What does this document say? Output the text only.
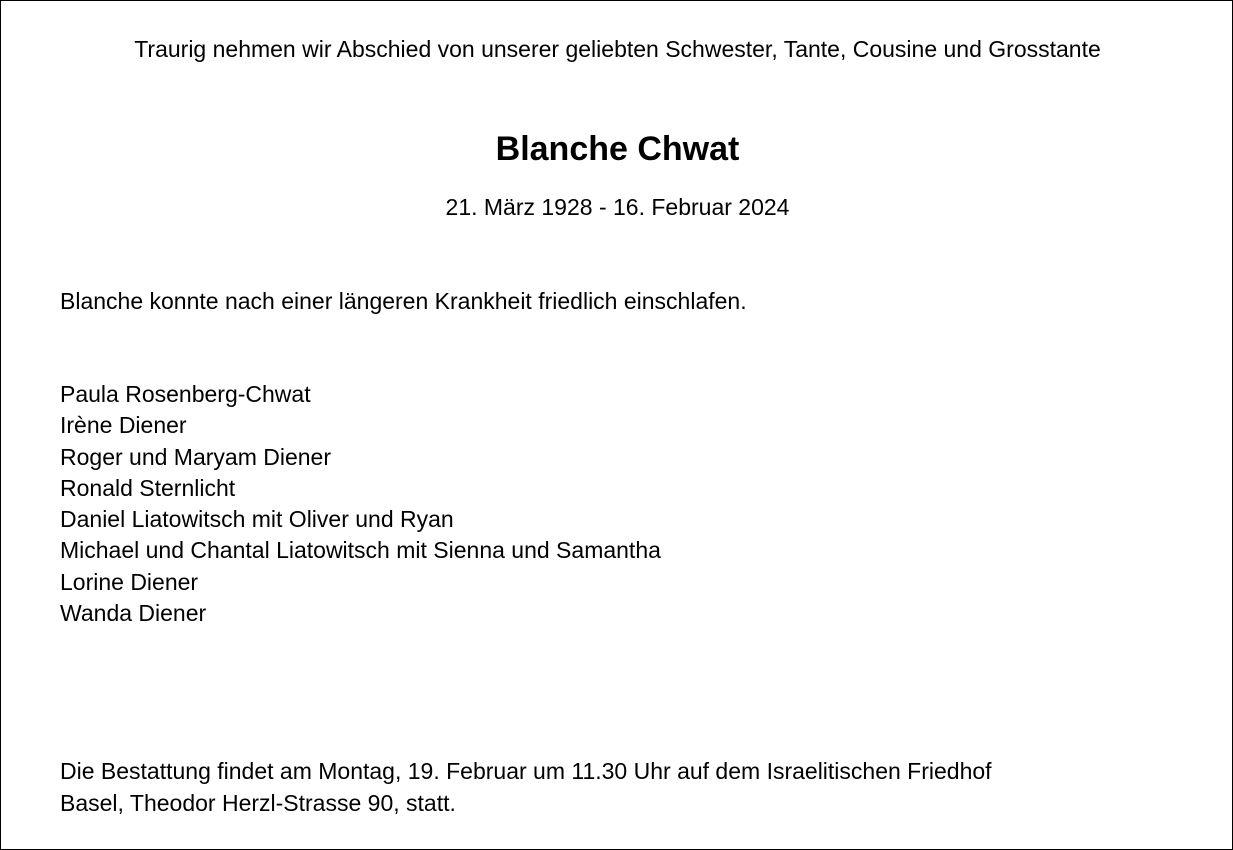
Traurig nehmen wir Abschied von unserer geliebten Schwester, Tante, Cousine und Grosstante
Blanche Chwat
21. März 1928 - 16. Februar 2024
Blanche konnte nach einer längeren Krankheit friedlich einschlafen.
Paula Rosenberg-Chwat
Irène Diener
Roger und Maryam Diener
Ronald Sternlicht
Daniel Liatowitsch mit Oliver und Ryan
Michael und Chantal Liatowitsch mit Sienna und Samantha
Lorine Diener
Wanda Diener
Die Bestattung findet am Montag, 19. Februar um 11.30 Uhr auf dem Israelitischen Friedhof
Basel, Theodor Herzl-Strasse 90, statt.
